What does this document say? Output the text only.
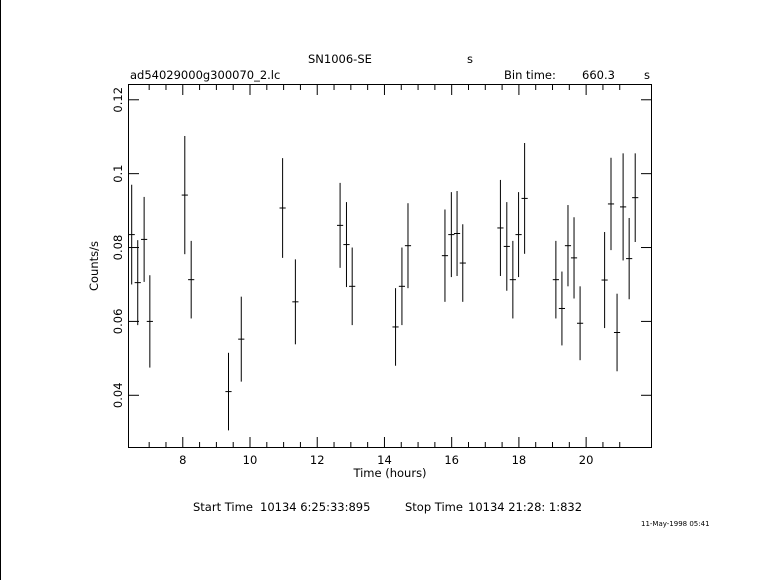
SN1006-SE	s
ad54029000g300070_2.lc	Bin time: 660.3	s
8	10	12	14	16	18	20
0.04
0.06
0.08
0.1
0.12
Time (hours)
Counts/s
Start Time 10134 6:25:33:895	Stop Time 10134 21:28: 1:832
11-May-1998 05:41
